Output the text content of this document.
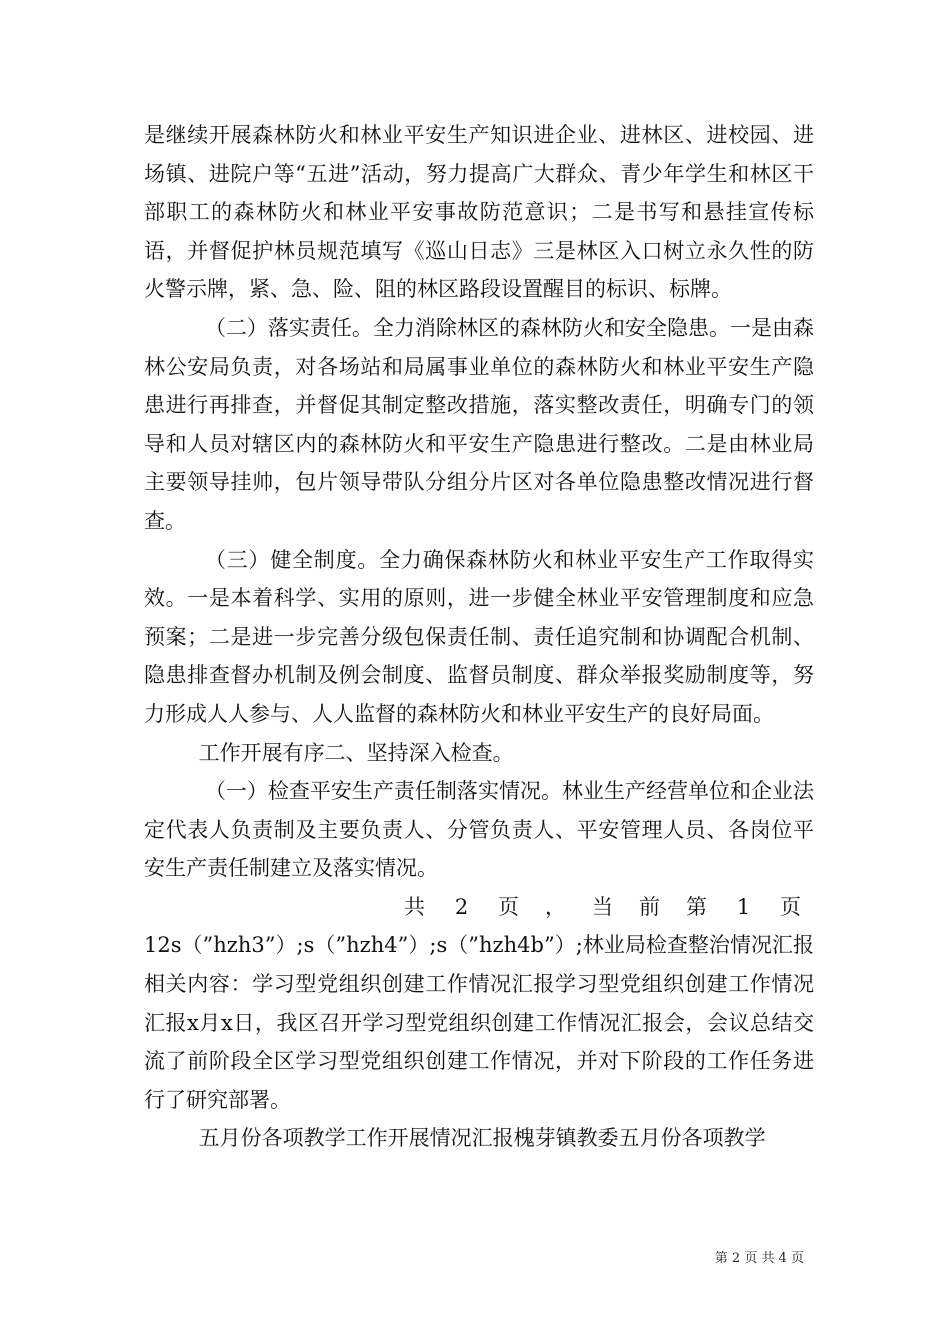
是继续开展森林防火和林业平安生产知识进企业、进林区、进校园、进场镇、进院户等“五进”活动，努力提高广大群众、青少年学生和林区干部职工的森林防火和林业平安事故防范意识；二是书写和悬挂宣传标语，并督促护林员规范填写《巡山日志》三是林区入口树立永久性的防火警示牌，紧、急、险、阻的林区路段设置醒目的标识、标牌。

（二）落实责任。全力消除林区的森林防火和安全隐患。一是由森林公安局负责，对各场站和局属事业单位的森林防火和林业平安生产隐患进行再排查，并督促其制定整改措施，落实整改责任，明确专门的领导和人员对辖区内的森林防火和平安生产隐患进行整改。二是由林业局主要领导挂帅，包片领导带队分组分片区对各单位隐患整改情况进行督查。

（三）健全制度。全力确保森林防火和林业平安生产工作取得实效。一是本着科学、实用的原则，进一步健全林业平安管理制度和应急预案；二是进一步完善分级包保责任制、责任追究制和协调配合机制、隐患排查督办机制及例会制度、监督员制度、群众举报奖励制度等，努力形成人人参与、人人监督的森林防火和林业平安生产的良好局面。

工作开展有序二、坚持深入检查。

（一）检查平安生产责任制落实情况。林业生产经营单位和企业法定代表人负责制及主要负责人、分管负责人、平安管理人员、各岗位平安生产责任制建立及落实情况。

共 2 页 ， 当 前 第 1 页

12s（”hzh3”）;s（”hzh4”）;s（”hzh4b”）;林业局检查整治情况汇报相关内容：学习型党组织创建工作情况汇报学习型党组织创建工作情况汇报x月x日，我区召开学习型党组织创建工作情况汇报会，会议总结交流了前阶段全区学习型党组织创建工作情况，并对下阶段的工作任务进行了研究部署。

五月份各项教学工作开展情况汇报槐芽镇教委五月份各项教学

第 2 页 共 4 页
